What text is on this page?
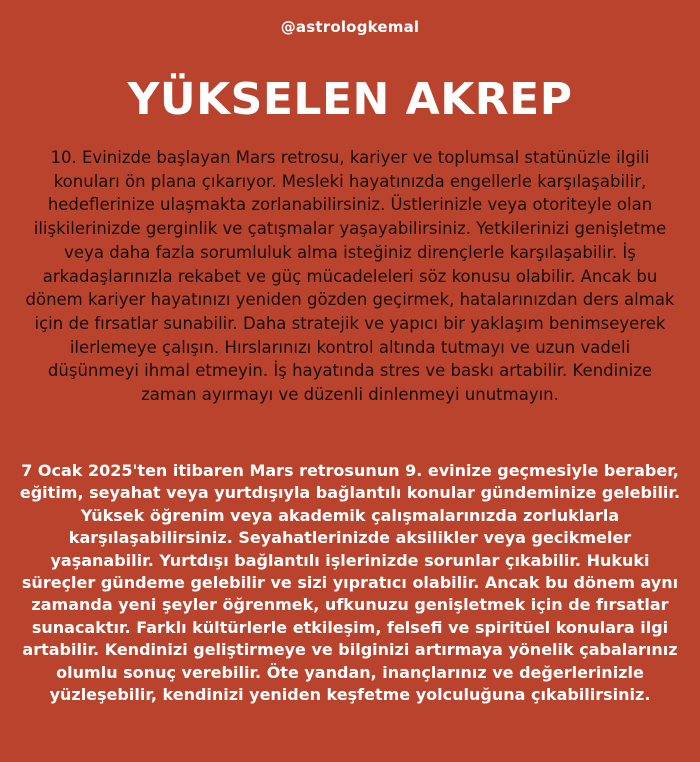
@astrologkemal
YÜKSELEN AKREP

10. Evinizde başlayan Mars retrosu, kariyer ve toplumsal statünüzle ilgili konuları ön plana çıkarıyor. Mesleki hayatınızda engellerle karşılaşabilir, hedeflerinize ulaşmakta zorlanabilirsiniz. Üstlerinizle veya otoriteyle olan ilişkilerinizde gerginlik ve çatışmalar yaşayabilirsiniz. Yetkilerinizi genişletme veya daha fazla sorumluluk alma isteğiniz dirençlerle karşılaşabilir. İş arkadaşlarınızla rekabet ve güç mücadeleleri söz konusu olabilir. Ancak bu dönem kariyer hayatınızı yeniden gözden geçirmek, hatalarınızdan ders almak için de fırsatlar sunabilir. Daha stratejik ve yapıcı bir yaklaşım benimseyerek ilerlemeye çalışın. Hırslarınızı kontrol altında tutmayı ve uzun vadeli düşünmeyi ihmal etmeyin. İş hayatında stres ve baskı artabilir. Kendinize zaman ayırmayı ve düzenli dinlenmeyi unutmayın.

7 Ocak 2025'ten itibaren Mars retrosunun 9. evinize geçmesiyle beraber, eğitim, seyahat veya yurtdışıyla bağlantılı konular gündeminize gelebilir. Yüksek öğrenim veya akademik çalışmalarınızda zorluklarla karşılaşabilirsiniz. Seyahatlerinizde aksilikler veya gecikmeler yaşanabilir. Yurtdışı bağlantılı işlerinizde sorunlar çıkabilir. Hukuki süreçler gündeme gelebilir ve sizi yıpratıcı olabilir. Ancak bu dönem aynı zamanda yeni şeyler öğrenmek, ufkunuzu genişletmek için de fırsatlar sunacaktır. Farklı kültürlerle etkileşim, felsefi ve spiritüel konulara ilgi artabilir. Kendinizi geliştirmeye ve bilginizi artırmaya yönelik çabalarınız olumlu sonuç verebilir. Öte yandan, inançlarınız ve değerlerinizle yüzleşebilir, kendinizi yeniden keşfetme yolculuğuna çıkabilirsiniz.
